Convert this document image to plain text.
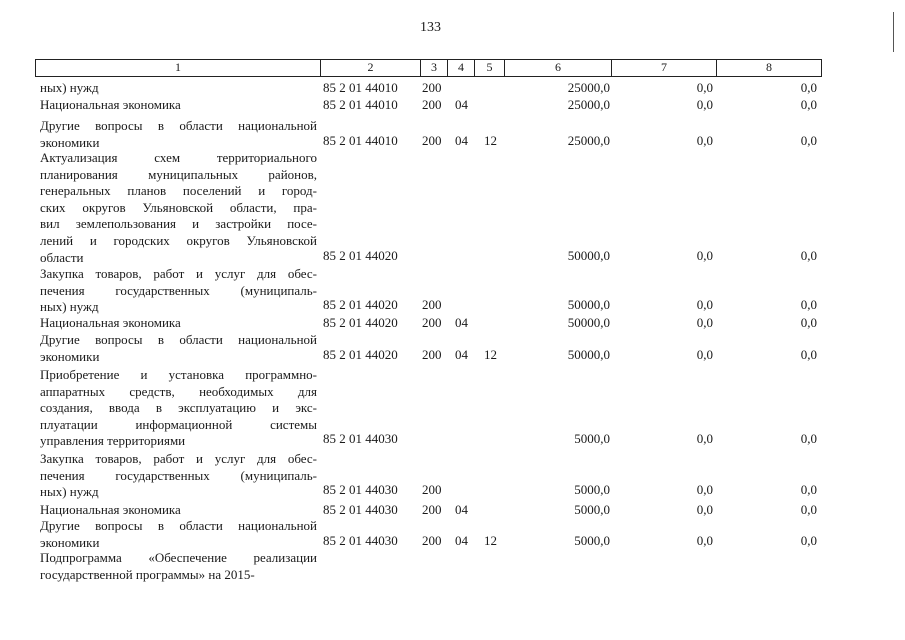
133
1	2	3	4	5	6	7	8
ных) нужд	85 2 01 44010 200	25000,0	0,0	0,0
Национальная экономика	85 2 01 44010 200 04	25000,0	0,0	0,0
Другие вопросы в области национальной
экономики	85 2 01 44010 200 04 12	25000,0	0,0	0,0
Актуализация схем территориального
планирования муниципальных районов,
генеральных планов поселений и город-
ских округов Ульяновской области, пра-
вил землепользования и застройки посе-
лений и городских округов Ульяновской
области	85 2 01 44020	50000,0	0,0	0,0
Закупка товаров, работ и услуг для обес-
печения государственных (муниципаль-
ных) нужд	85 2 01 44020 200	50000,0	0,0	0,0
Национальная экономика	85 2 01 44020 200 04	50000,0	0,0	0,0
Другие вопросы в области национальной
экономики	85 2 01 44020 200 04 12	50000,0	0,0	0,0
Приобретение и установка программно-
аппаратных средств, необходимых для
создания, ввода в эксплуатацию и экс-
плуатации информационной системы
управления территориями	85 2 01 44030	5000,0	0,0	0,0
Закупка товаров, работ и услуг для обес-
печения государственных (муниципаль-
ных) нужд	85 2 01 44030 200	5000,0	0,0	0,0
Национальная экономика	85 2 01 44030 200 04	5000,0	0,0	0,0
Другие вопросы в области национальной
экономики	85 2 01 44030 200 04 12	5000,0	0,0	0,0
Подпрограмма «Обеспечение реализации
государственной программы» на 2015-
